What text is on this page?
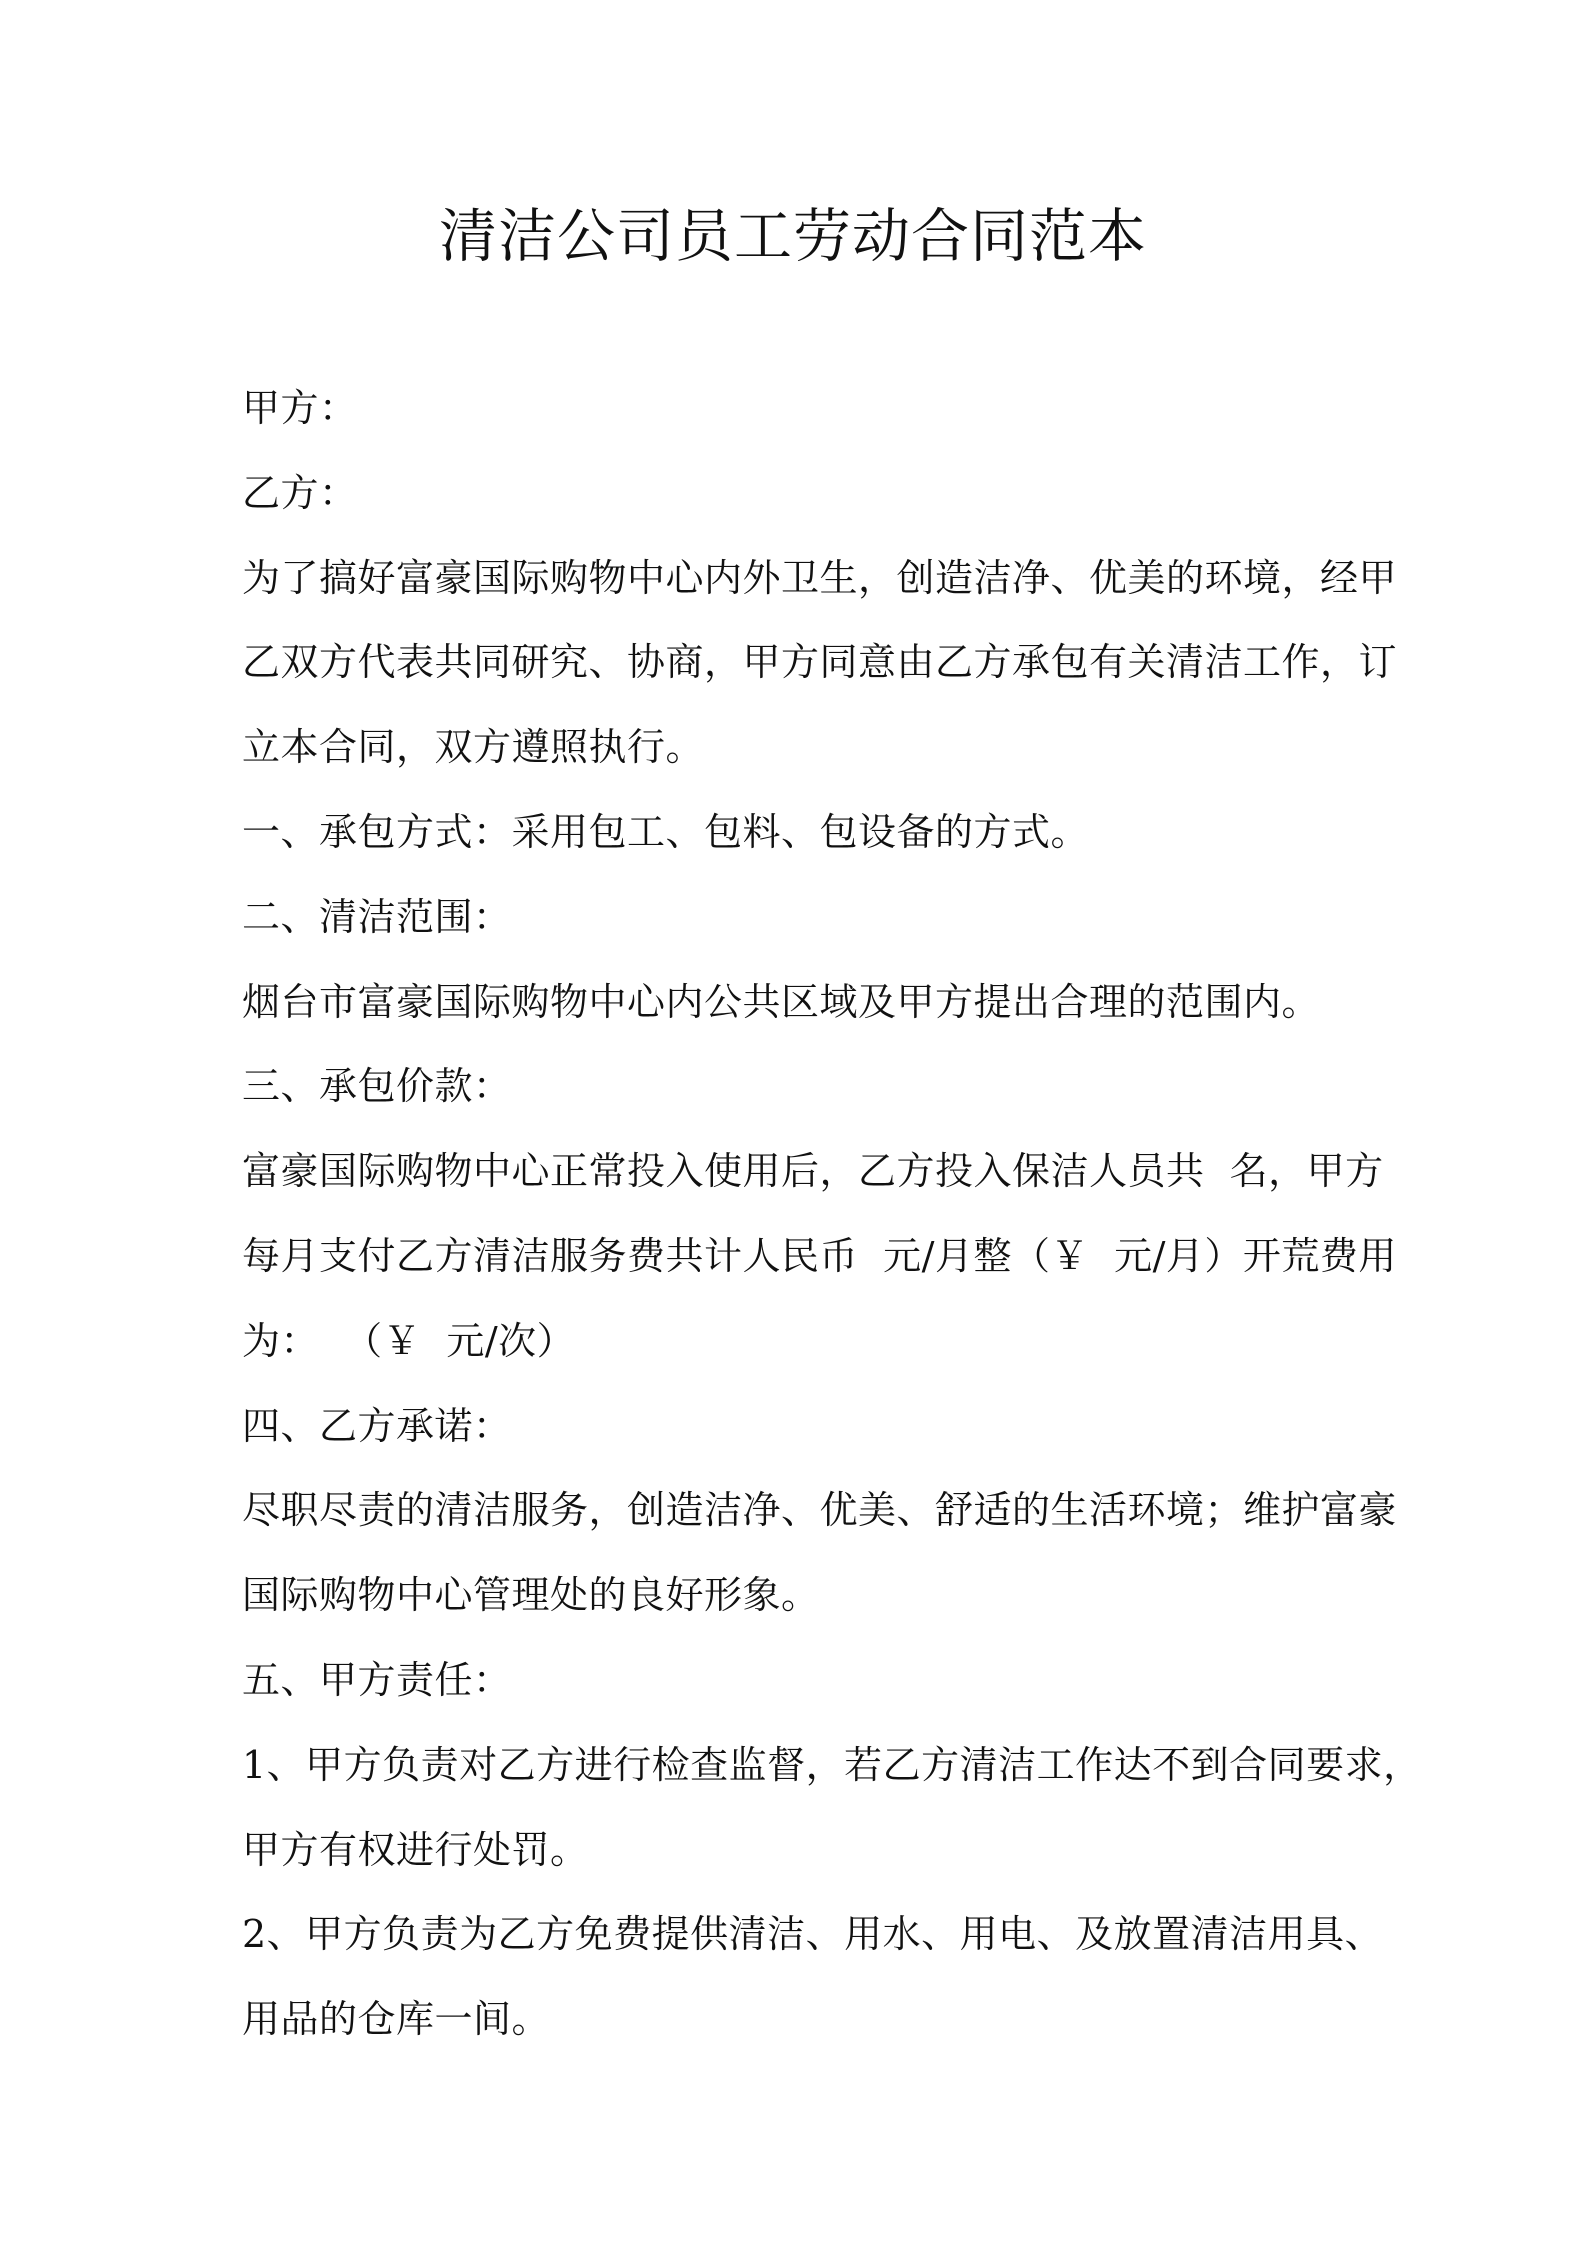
清洁公司员工劳动合同范本
甲方：
乙方：
为了搞好富豪国际购物中心内外卫生，创造洁净、优美的环境，经甲
乙双方代表共同研究、协商，甲方同意由乙方承包有关清洁工作，订
立本合同，双方遵照执行。
一、承包方式：采用包工、包料、包设备的方式。
二、清洁范围：
烟台市富豪国际购物中心内公共区域及甲方提出合理的范围内。
三、承包价款：
富豪国际购物中心正常投入使用后，乙方投入保洁人员共  名，甲方
每月支付乙方清洁服务费共计人民币  元/月整（￥  元/月）开荒费用
为：  （￥  元/次）
四、乙方承诺：
尽职尽责的清洁服务，创造洁净、优美、舒适的生活环境；维护富豪
国际购物中心管理处的良好形象。
五、甲方责任：
1、甲方负责对乙方进行检查监督，若乙方清洁工作达不到合同要求，
甲方有权进行处罚。
2、甲方负责为乙方免费提供清洁、用水、用电、及放置清洁用具、
用品的仓库一间。
